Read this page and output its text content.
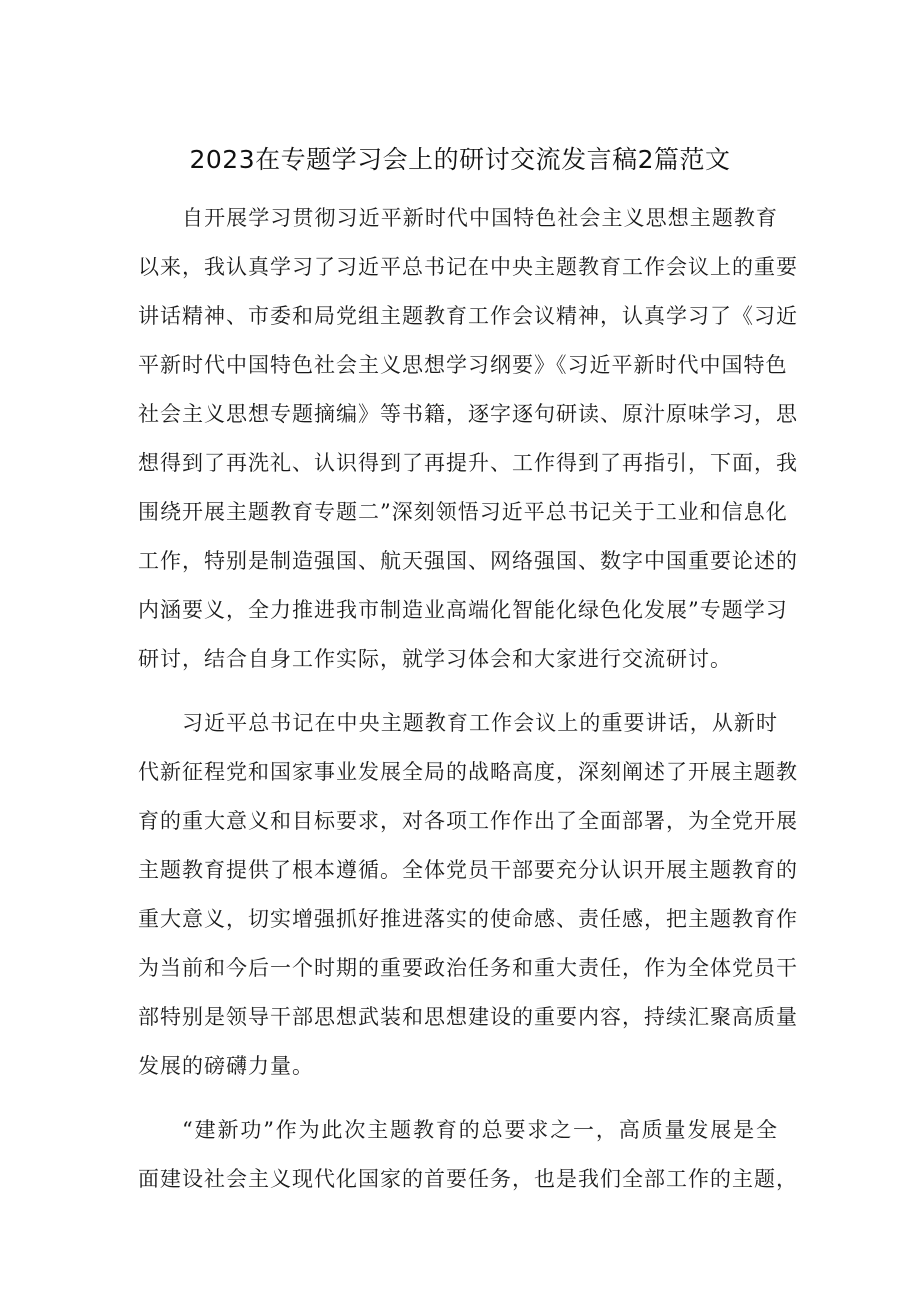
2023在专题学习会上的研讨交流发言稿2篇范文
自开展学习贯彻习近平新时代中国特色社会主义思想主题教育
以来，我认真学习了习近平总书记在中央主题教育工作会议上的重要
讲话精神、市委和局党组主题教育工作会议精神，认真学习了《习近
平新时代中国特色社会主义思想学习纲要》《习近平新时代中国特色
社会主义思想专题摘编》等书籍，逐字逐句研读、原汁原味学习，思
想得到了再洗礼、认识得到了再提升、工作得到了再指引，下面，我
围绕开展主题教育专题二”深刻领悟习近平总书记关于工业和信息化
工作，特别是制造强国、航天强国、网络强国、数字中国重要论述的
内涵要义，全力推进我市制造业高端化智能化绿色化发展”专题学习
研讨，结合自身工作实际，就学习体会和大家进行交流研讨。
习近平总书记在中央主题教育工作会议上的重要讲话，从新时
代新征程党和国家事业发展全局的战略高度，深刻阐述了开展主题教
育的重大意义和目标要求，对各项工作作出了全面部署，为全党开展
主题教育提供了根本遵循。全体党员干部要充分认识开展主题教育的
重大意义，切实增强抓好推进落实的使命感、责任感，把主题教育作
为当前和今后一个时期的重要政治任务和重大责任，作为全体党员干
部特别是领导干部思想武装和思想建设的重要内容，持续汇聚高质量
发展的磅礴力量。
“建新功”作为此次主题教育的总要求之一，高质量发展是全
面建设社会主义现代化国家的首要任务，也是我们全部工作的主题，
